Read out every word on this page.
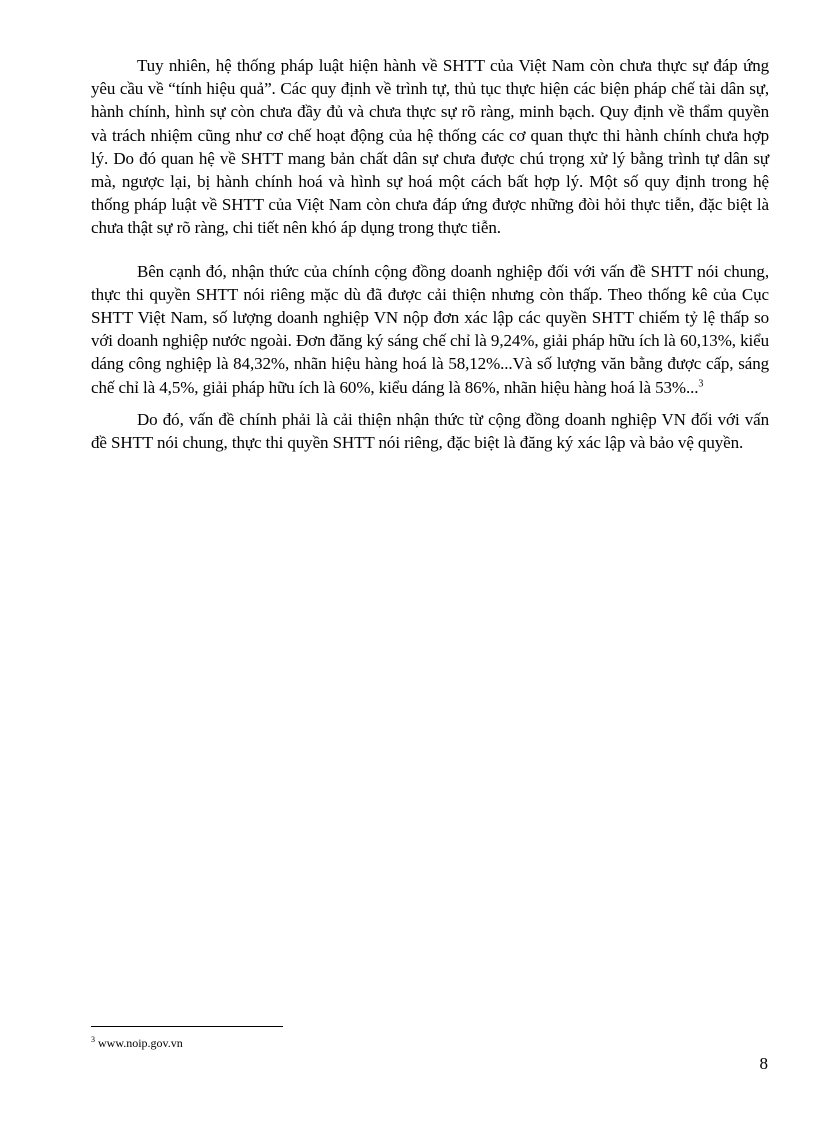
Tuy nhiên, hệ thống pháp luật hiện hành về SHTT của Việt Nam còn chưa thực sự đáp ứng yêu cầu về “tính hiệu quả”. Các quy định về trình tự, thủ tục thực hiện các biện pháp chế tài dân sự, hành chính, hình sự còn chưa đầy đủ và chưa thực sự rõ ràng, minh bạch. Quy định về thẩm quyền và trách nhiệm cũng như cơ chế hoạt động của hệ thống các cơ quan thực thi hành chính chưa hợp lý. Do đó quan hệ về SHTT mang bản chất dân sự chưa được chú trọng xử lý bằng trình tự dân sự mà, ngược lại, bị hành chính hoá và hình sự hoá một cách bất hợp lý. Một số quy định trong hệ thống pháp luật về SHTT của Việt Nam còn chưa đáp ứng được những đòi hỏi thực tiễn, đặc biệt là chưa thật sự rõ ràng, chi tiết nên khó áp dụng trong thực tiễn.

Bên cạnh đó, nhận thức của chính cộng đồng doanh nghiệp đối với vấn đề SHTT nói chung, thực thi quyền SHTT nói riêng mặc dù đã được cải thiện nhưng còn thấp. Theo thống kê của Cục SHTT Việt Nam, số lượng doanh nghiệp VN nộp đơn xác lập các quyền SHTT chiếm tỷ lệ thấp so với doanh nghiệp nước ngoài. Đơn đăng ký sáng chế chỉ là 9,24%, giải pháp hữu ích là 60,13%, kiểu dáng công nghiệp là 84,32%, nhãn hiệu hàng hoá là 58,12%...Và số lượng văn bằng được cấp, sáng chế chỉ là 4,5%, giải pháp hữu ích là 60%, kiểu dáng là 86%, nhãn hiệu hàng hoá là 53%...$^3$

Do đó, vấn đề chính phải là cải thiện nhận thức từ cộng đồng doanh nghiệp VN đối với vấn đề SHTT nói chung, thực thi quyền SHTT nói riêng, đặc biệt là đăng ký xác lập và bảo vệ quyền.

$^3$ www.noip.gov.vn
8
